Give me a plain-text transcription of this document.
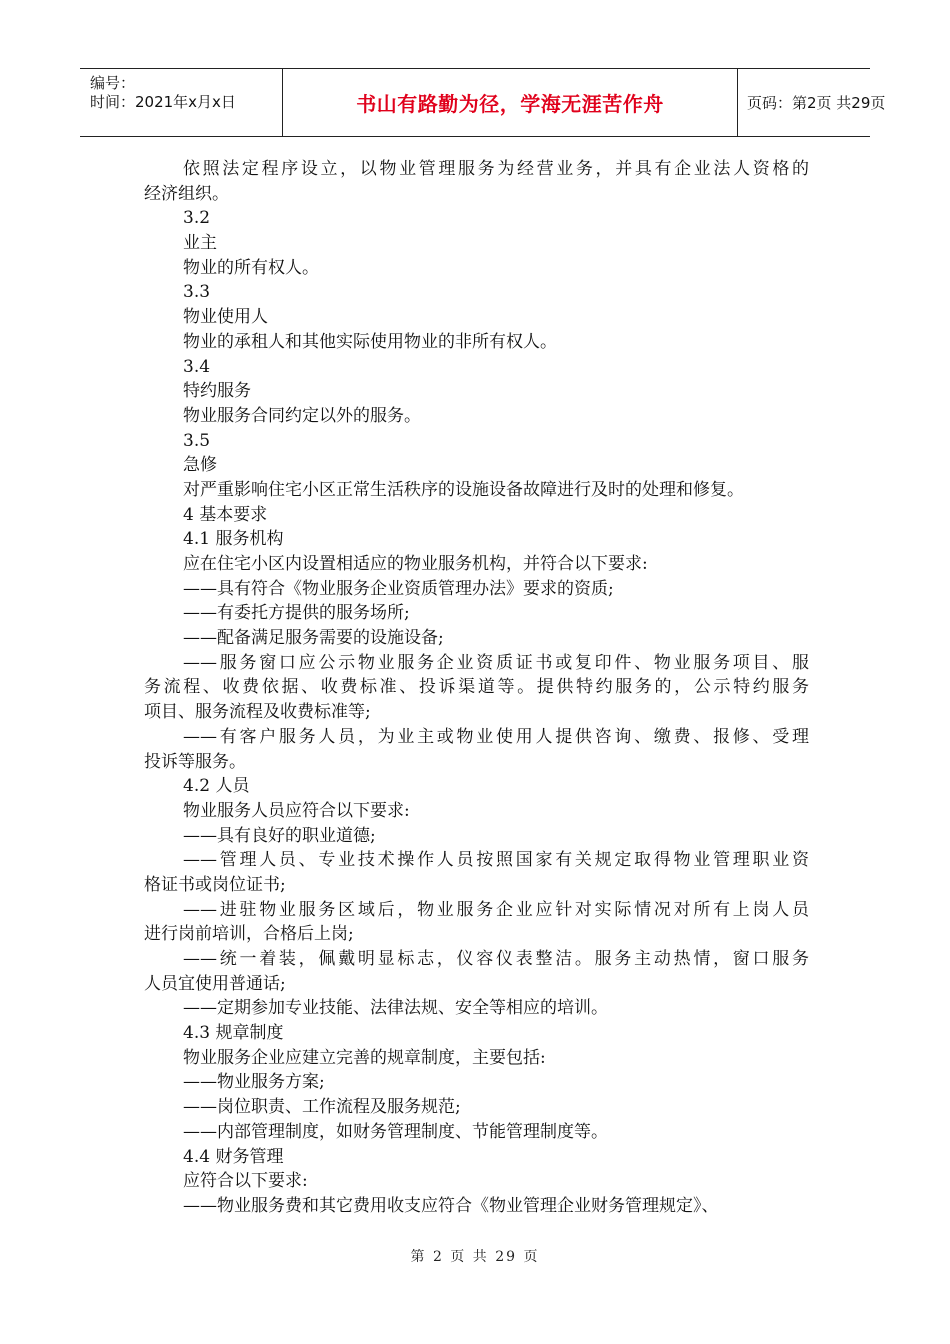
编号：
时间：2021年x月x日	书山有路勤为径，学海无涯苦作舟	页码：第2页 共29页
依照法定程序设立，以物业管理服务为经营业务，并具有企业法人资格的
经济组织。
3.2
业主
物业的所有权人。
3.3
物业使用人
物业的承租人和其他实际使用物业的非所有权人。
3.4
特约服务
物业服务合同约定以外的服务。
3.5
急修
对严重影响住宅小区正常生活秩序的设施设备故障进行及时的处理和修复。
4 基本要求
4.1 服务机构
应在住宅小区内设置相适应的物业服务机构，并符合以下要求:
——具有符合《物业服务企业资质管理办法》要求的资质;
——有委托方提供的服务场所;
——配备满足服务需要的设施设备;
——服务窗口应公示物业服务企业资质证书或复印件、物业服务项目、服
务流程、收费依据、收费标准、投诉渠道等。提供特约服务的，公示特约服务
项目、服务流程及收费标准等;
——有客户服务人员，为业主或物业使用人提供咨询、缴费、报修、受理
投诉等服务。
4.2 人员
物业服务人员应符合以下要求:
——具有良好的职业道德;
——管理人员、专业技术操作人员按照国家有关规定取得物业管理职业资
格证书或岗位证书;
——进驻物业服务区域后，物业服务企业应针对实际情况对所有上岗人员
进行岗前培训，合格后上岗;
——统一着装，佩戴明显标志，仪容仪表整洁。服务主动热情，窗口服务
人员宜使用普通话;
——定期参加专业技能、法律法规、安全等相应的培训。
4.3 规章制度
物业服务企业应建立完善的规章制度，主要包括:
——物业服务方案;
——岗位职责、工作流程及服务规范;
——内部管理制度，如财务管理制度、节能管理制度等。
4.4 财务管理
应符合以下要求:
——物业服务费和其它费用收支应符合《物业管理企业财务管理规定》、
第 2 页 共 29 页
